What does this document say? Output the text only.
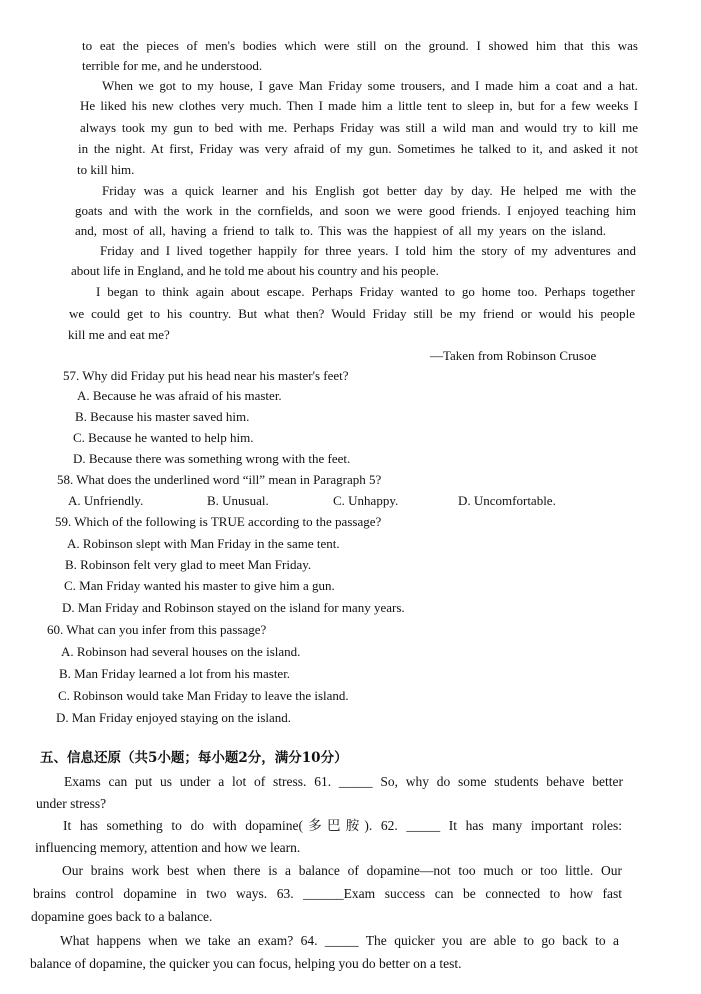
to eat the pieces of men's bodies which were still on the ground. I showed him that this was
terrible for me, and he understood.
When we got to my house, I gave Man Friday some trousers, and I made him a coat and a hat.
He liked his new clothes very much. Then I made him a little tent to sleep in, but for a few weeks I
always took my gun to bed with me. Perhaps Friday was still a wild man and would try to kill me
in the night. At first, Friday was very afraid of my gun. Sometimes he talked to it, and asked it not
to kill him.
Friday was a quick learner and his English got better day by day. He helped me with the
goats and with the work in the cornfields, and soon we were good friends. I enjoyed teaching him
and, most of all, having a friend to talk to. This was the happiest of all my years on the island.
Friday and I lived together happily for three years. I told him the story of my adventures and
about life in England, and he told me about his country and his people.
I began to think again about escape. Perhaps Friday wanted to go home too. Perhaps together
we could get to his country. But what then? Would Friday still be my friend or would his people
kill me and eat me?
—Taken from Robinson Crusoe
57. Why did Friday put his head near his master's feet?
A. Because he was afraid of his master.
B. Because his master saved him.
C. Because he wanted to help him.
D. Because there was something wrong with the feet.
58. What does the underlined word “ill” mean in Paragraph 5?
A. Unfriendly.	B. Unusual.	C. Unhappy.	D. Uncomfortable.
59. Which of the following is TRUE according to the passage?
A. Robinson slept with Man Friday in the same tent.
B. Robinson felt very glad to meet Man Friday.
C. Man Friday wanted his master to give him a gun.
D. Man Friday and Robinson stayed on the island for many years.
60. What can you infer from this passage?
A. Robinson had several houses on the island.
B. Man Friday learned a lot from his master.
C. Robinson would take Man Friday to leave the island.
D. Man Friday enjoyed staying on the island.
五、信息还原（共5小题；每小题2分，满分10分）
Exams can put us under a lot of stress. 61. _____ So, why do some students behave better
under stress?
It has something to do with dopamine(多巴胺). 62. _____ It has many important roles:
influencing memory, attention and how we learn.
Our brains work best when there is a balance of dopamine—not too much or too little. Our
brains control dopamine in two ways. 63. ______Exam success can be connected to how fast
dopamine goes back to a balance.
What happens when we take an exam? 64. _____ The quicker you are able to go back to a
balance of dopamine, the quicker you can focus, helping you do better on a test.
